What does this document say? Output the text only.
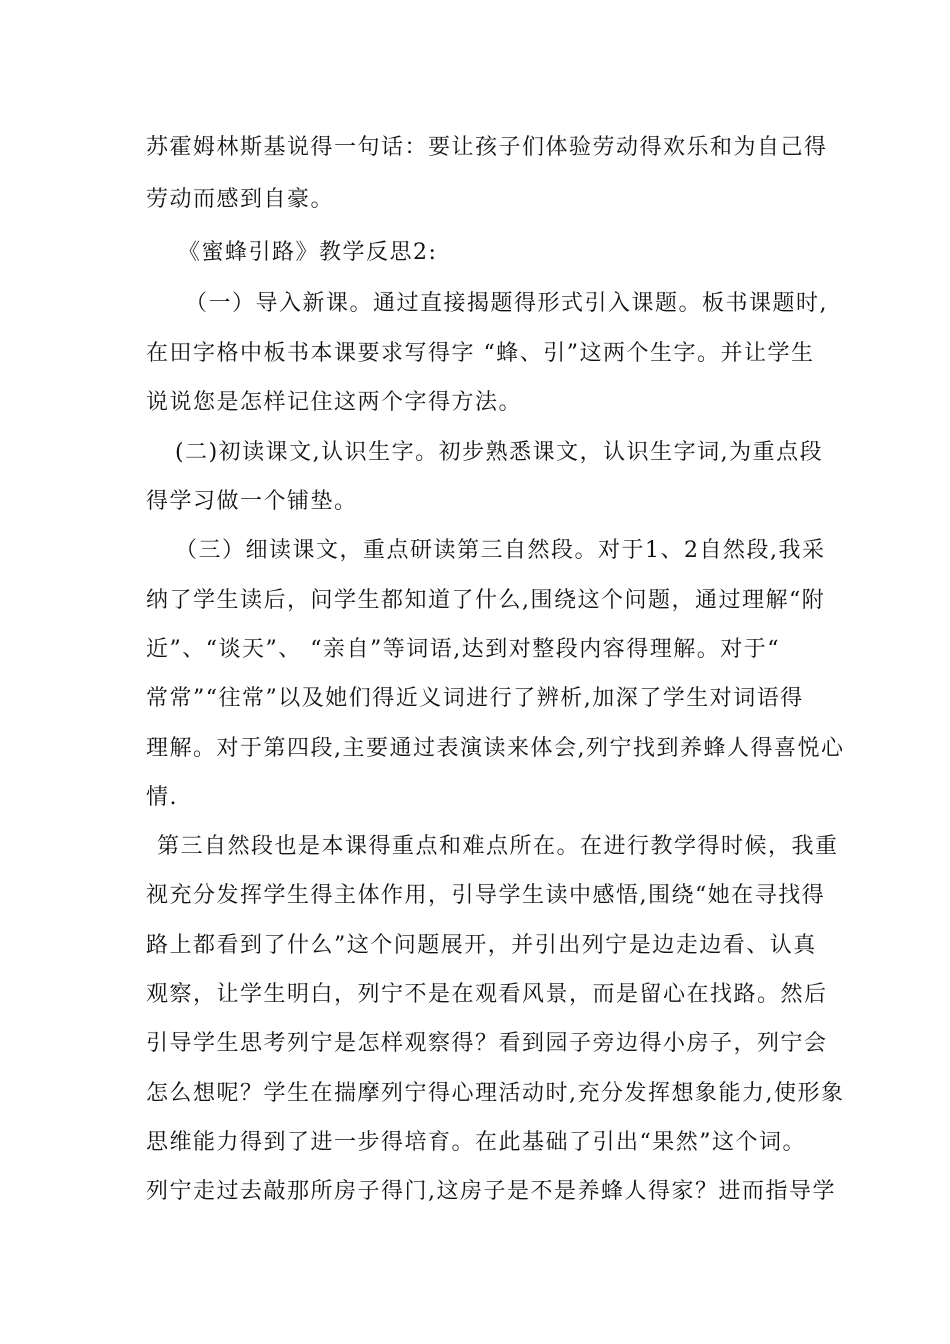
苏霍姆林斯基说得一句话：要让孩子们体验劳动得欢乐和为自己得
劳动而感到自豪。
《蜜蜂引路》教学反思2:
（一）导入新课。通过直接揭题得形式引入课题。板书课题时,
在田字格中板书本课要求写得字 “蜂、引”这两个生字。并让学生
说说您是怎样记住这两个字得方法。
(二)初读课文,认识生字。初步熟悉课文，认识生字词,为重点段
得学习做一个铺垫。
（三）细读课文，重点研读第三自然段。对于1、2自然段,我采
纳了学生读后，问学生都知道了什么,围绕这个问题，通过理解“附
近”、“谈天”、 “亲自”等词语,达到对整段内容得理解。对于“
常常”“往常”以及她们得近义词进行了辨析,加深了学生对词语得
理解。对于第四段,主要通过表演读来体会,列宁找到养蜂人得喜悦心
情.
第三自然段也是本课得重点和难点所在。在进行教学得时候，我重
视充分发挥学生得主体作用，引导学生读中感悟,围绕“她在寻找得
路上都看到了什么”这个问题展开，并引出列宁是边走边看、认真
观察，让学生明白，列宁不是在观看风景，而是留心在找路。然后
引导学生思考列宁是怎样观察得？看到园子旁边得小房子，列宁会
怎么想呢？学生在揣摩列宁得心理活动时,充分发挥想象能力,使形象
思维能力得到了进一步得培育。在此基础了引出“果然”这个词。
列宁走过去敲那所房子得门,这房子是不是养蜂人得家？进而指导学
